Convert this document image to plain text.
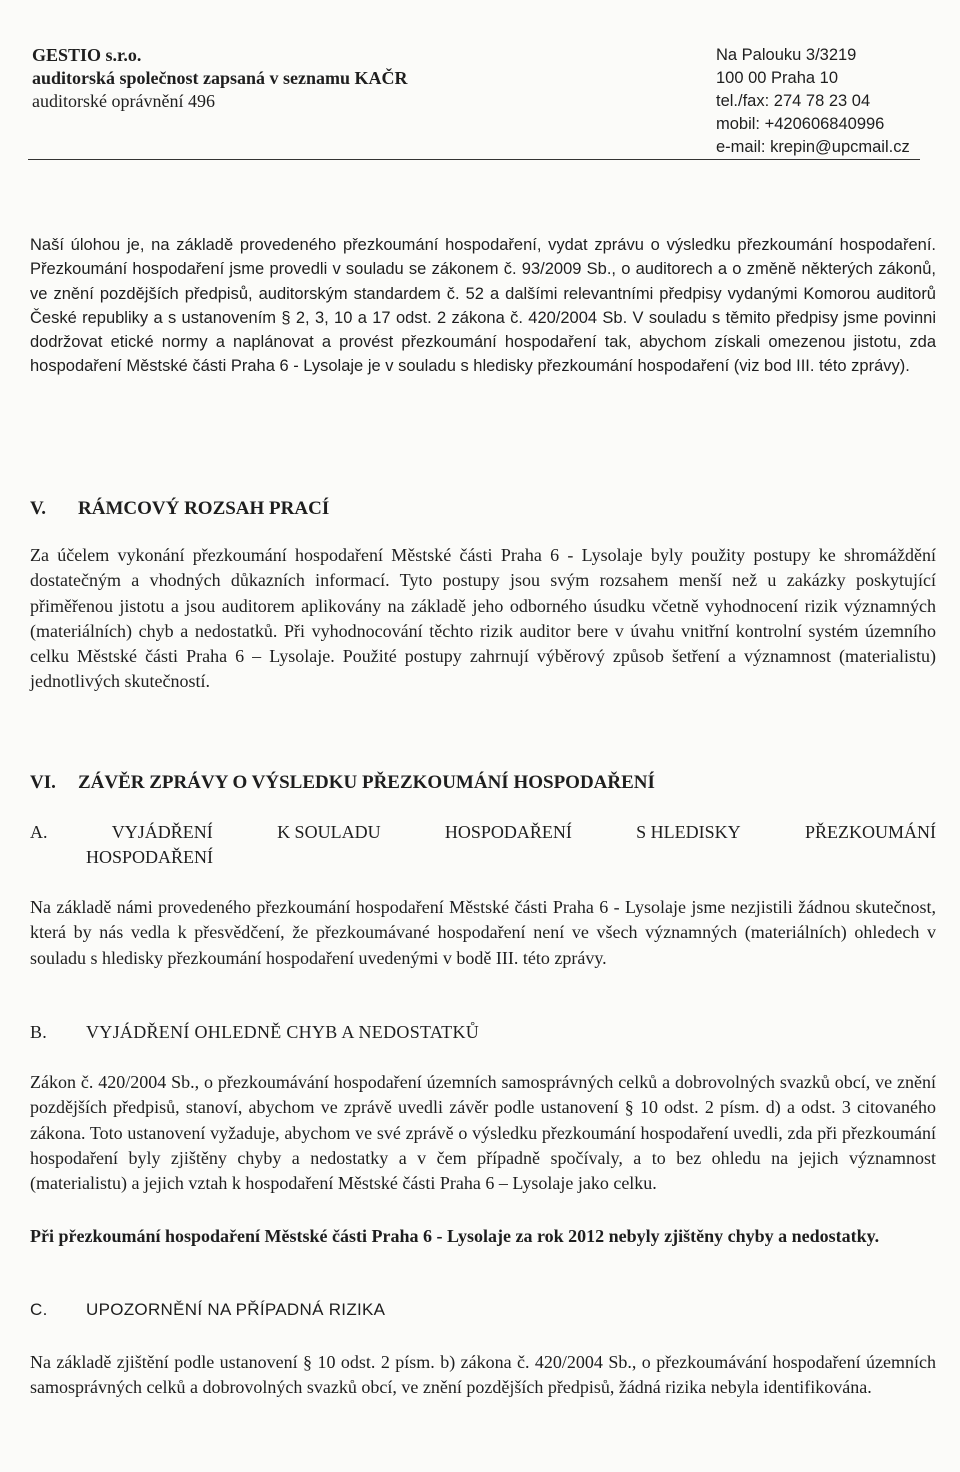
GESTIO s.r.o.
auditorská společnost zapsaná v seznamu KAČR
auditorské oprávnění 496
Na Palouku 3/3219
100 00 Praha 10
tel./fax: 274 78 23 04
mobil: +420606840996
e-mail: krepin@upcmail.cz
Naší úlohou je, na základě provedeného přezkoumání hospodaření, vydat zprávu o výsledku přezkoumání hospodaření. Přezkoumání hospodaření jsme provedli v souladu se zákonem č. 93/2009 Sb., o auditorech a o změně některých zákonů, ve znění pozdějších předpisů, auditorským standardem č. 52 a dalšími relevantními předpisy vydanými Komorou auditorů České republiky a s ustanovením § 2, 3, 10 a 17 odst. 2 zákona č. 420/2004 Sb. V souladu s těmito předpisy jsme povinni dodržovat etické normy a naplánovat a provést přezkoumání hospodaření tak, abychom získali omezenou jistotu, zda hospodaření Městské části Praha 6 - Lysolaje je v souladu s hledisky přezkoumání hospodaření (viz bod III. této zprávy).
V. RÁMCOVÝ ROZSAH PRACÍ
Za účelem vykonání přezkoumání hospodaření Městské části Praha 6 - Lysolaje byly použity postupy ke shromáždění dostatečným a vhodných důkazních informací. Tyto postupy jsou svým rozsahem menší než u zakázky poskytující přiměřenou jistotu a jsou auditorem aplikovány na základě jeho odborného úsudku včetně vyhodnocení rizik významných (materiálních) chyb a nedostatků. Při vyhodnocování těchto rizik auditor bere v úvahu vnitřní kontrolní systém územního celku Městské části Praha 6 – Lysolaje. Použité postupy zahrnují výběrový způsob šetření a významnost (materialistu) jednotlivých skutečností.
VI. ZÁVĚR ZPRÁVY O VÝSLEDKU PŘEZKOUMÁNÍ HOSPODAŘENÍ
A.	VYJÁDŘENÍ	K SOULADU	HOSPODAŘENÍ	S HLEDISKY	PŘEZKOUMÁNÍ
HOSPODAŘENÍ
Na základě námi provedeného přezkoumání hospodaření Městské části Praha 6 - Lysolaje jsme nezjistili žádnou skutečnost, která by nás vedla k přesvědčení, že přezkoumávané hospodaření není ve všech významných (materiálních) ohledech v souladu s hledisky přezkoumání hospodaření uvedenými v bodě III. této zprávy.
B. VYJÁDŘENÍ OHLEDNĚ CHYB A NEDOSTATKŮ
Zákon č. 420/2004 Sb., o přezkoumávání hospodaření územních samosprávných celků a dobrovolných svazků obcí, ve znění pozdějších předpisů, stanoví, abychom ve zprávě uvedli závěr podle ustanovení § 10 odst. 2 písm. d) a odst. 3 citovaného zákona. Toto ustanovení vyžaduje, abychom ve své zprávě o výsledku přezkoumání hospodaření uvedli, zda při přezkoumání hospodaření byly zjištěny chyby a nedostatky a v čem případně spočívaly, a to bez ohledu na jejich významnost (materialistu) a jejich vztah k hospodaření Městské části Praha 6 – Lysolaje jako celku.
Při přezkoumání hospodaření Městské části Praha 6 - Lysolaje za rok 2012 nebyly zjištěny chyby a nedostatky.
C. UPOZORNĚNÍ NA PŘÍPADNÁ RIZIKA
Na základě zjištění podle ustanovení § 10 odst. 2 písm. b) zákona č. 420/2004 Sb., o přezkoumávání hospodaření územních samosprávných celků a dobrovolných svazků obcí, ve znění pozdějších předpisů, žádná rizika nebyla identifikována.
